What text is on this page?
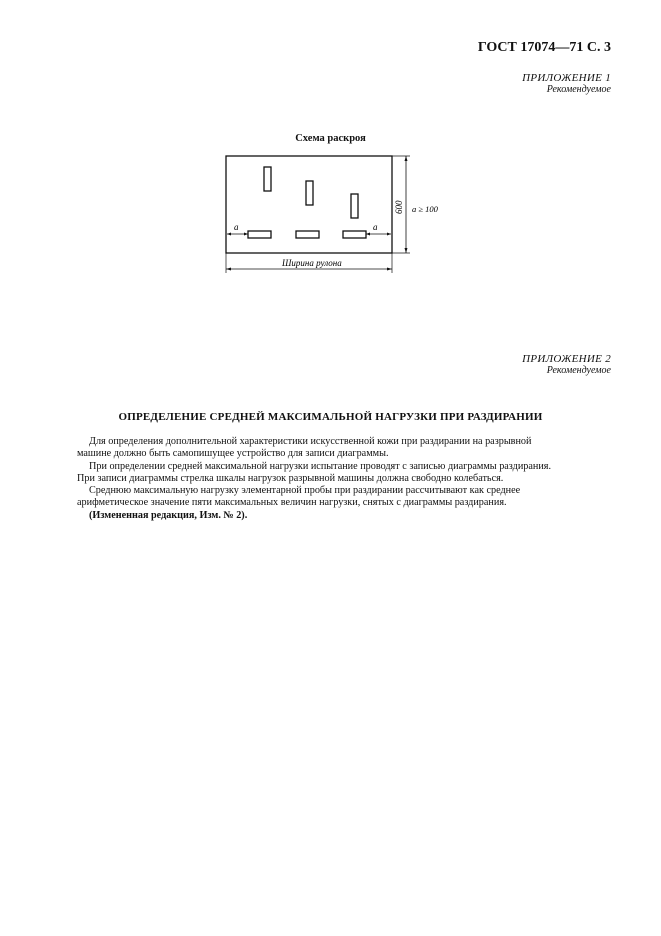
ГОСТ 17074—71 С. 3
ПРИЛОЖЕНИЕ 1
Рекомендуемое
Схема раскроя
a	a
600 a ≥ 100
Ширина рулона
ПРИЛОЖЕНИЕ 2
Рекомендуемое
ОПРЕДЕЛЕНИЕ СРЕДНЕЙ МАКСИМАЛЬНОЙ НАГРУЗКИ ПРИ РАЗДИРАНИИ
Для определения дополнительной характеристики искусственной кожи при раздирании на разрывной
машине должно быть самопишущее устройство для записи диаграммы.
При определении средней максимальной нагрузки испытание проводят с записью диаграммы раздирания.
При записи диаграммы стрелка шкалы нагрузок разрывной машины должна свободно колебаться.
Среднюю максимальную нагрузку элементарной пробы при раздирании рассчитывают как среднее
арифметическое значение пяти максимальных величин нагрузки, снятых с диаграммы раздирания.
(Измененная редакция, Изм. № 2).
